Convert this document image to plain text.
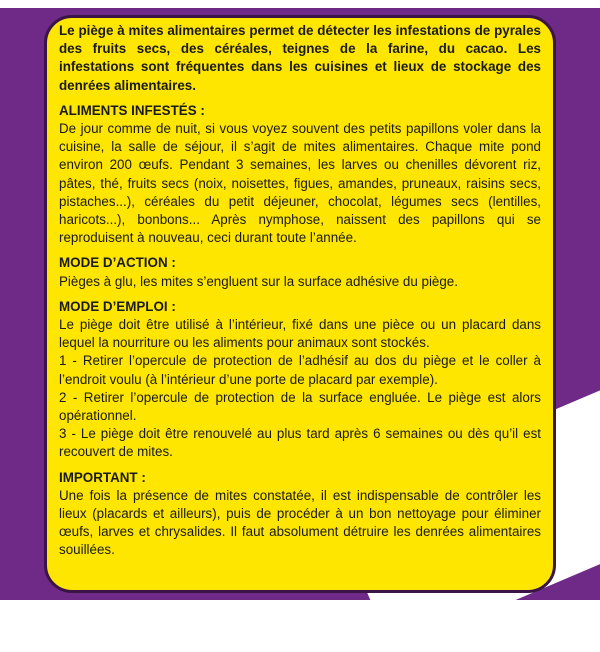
Le piège à mites alimentaires permet de détecter les infestations de pyrales des fruits secs, des céréales, teignes de la farine, du cacao. Les infestations sont fréquentes dans les cuisines et lieux de stockage des denrées alimentaires.

ALIMENTS INFESTÉS :

De jour comme de nuit, si vous voyez souvent des petits papillons voler dans la cuisine, la salle de séjour, il s’agit de mites alimentaires. Chaque mite pond environ 200 œufs. Pendant 3 semaines, les larves ou chenilles dévorent riz, pâtes, thé, fruits secs (noix, noisettes, figues, amandes, pruneaux, raisins secs, pistaches...), céréales du petit déjeuner, chocolat, légumes secs (lentilles, haricots...), bonbons... Après nymphose, naissent des papillons qui se reproduisent à nouveau, ceci durant toute l’année.

MODE D’ACTION :

Pièges à glu, les mites s’engluent sur la surface adhésive du piège.

MODE D’EMPLOI :

Le piège doit être utilisé à l’intérieur, fixé dans une pièce ou un placard dans lequel la nourriture ou les aliments pour animaux sont stockés.

1 - Retirer l’opercule de protection de l’adhésif au dos du piège et le coller à l’endroit voulu (à l’intérieur d’une porte de placard par exemple).

2 - Retirer l’opercule de protection de la surface engluée. Le piège est alors opérationnel.

3 - Le piège doit être renouvelé au plus tard après 6 semaines ou dès qu’il est recouvert de mites.

IMPORTANT :

Une fois la présence de mites constatée, il est indispensable de contrôler les lieux (placards et ailleurs), puis de procéder à un bon nettoyage pour éliminer œufs, larves et chrysalides. Il faut absolument détruire les denrées alimentaires souillées.
